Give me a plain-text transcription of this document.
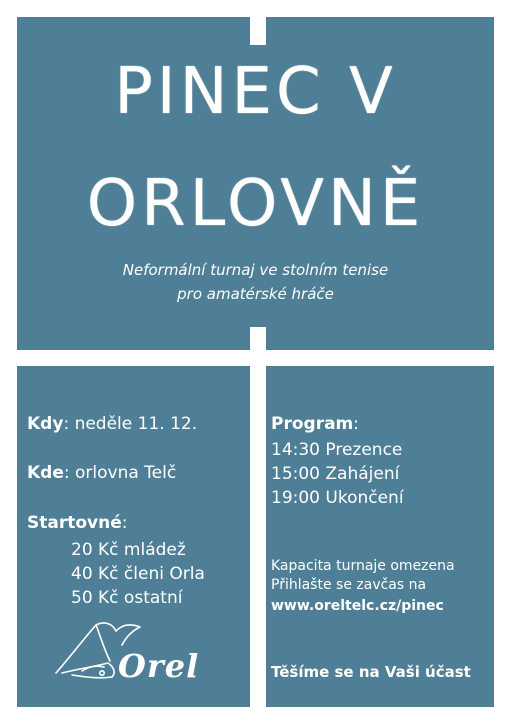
PINEC V
ORLOVNĚ
Neformální turnaj ve stolním tenise
pro amatérské hráče
Kdy: neděle 11. 12.
Kde: orlovna Telč
Startovné:
20 Kč mládež
40 Kč členi Orla
50 Kč ostatní
Program:
14:30 Prezence
15:00 Zahájení
19:00 Ukončení
Kapacita turnaje omezena
Přihlašte se zavčas na
www.oreltelc.cz/pinec
Těšíme se na Vaši účast
Orel
